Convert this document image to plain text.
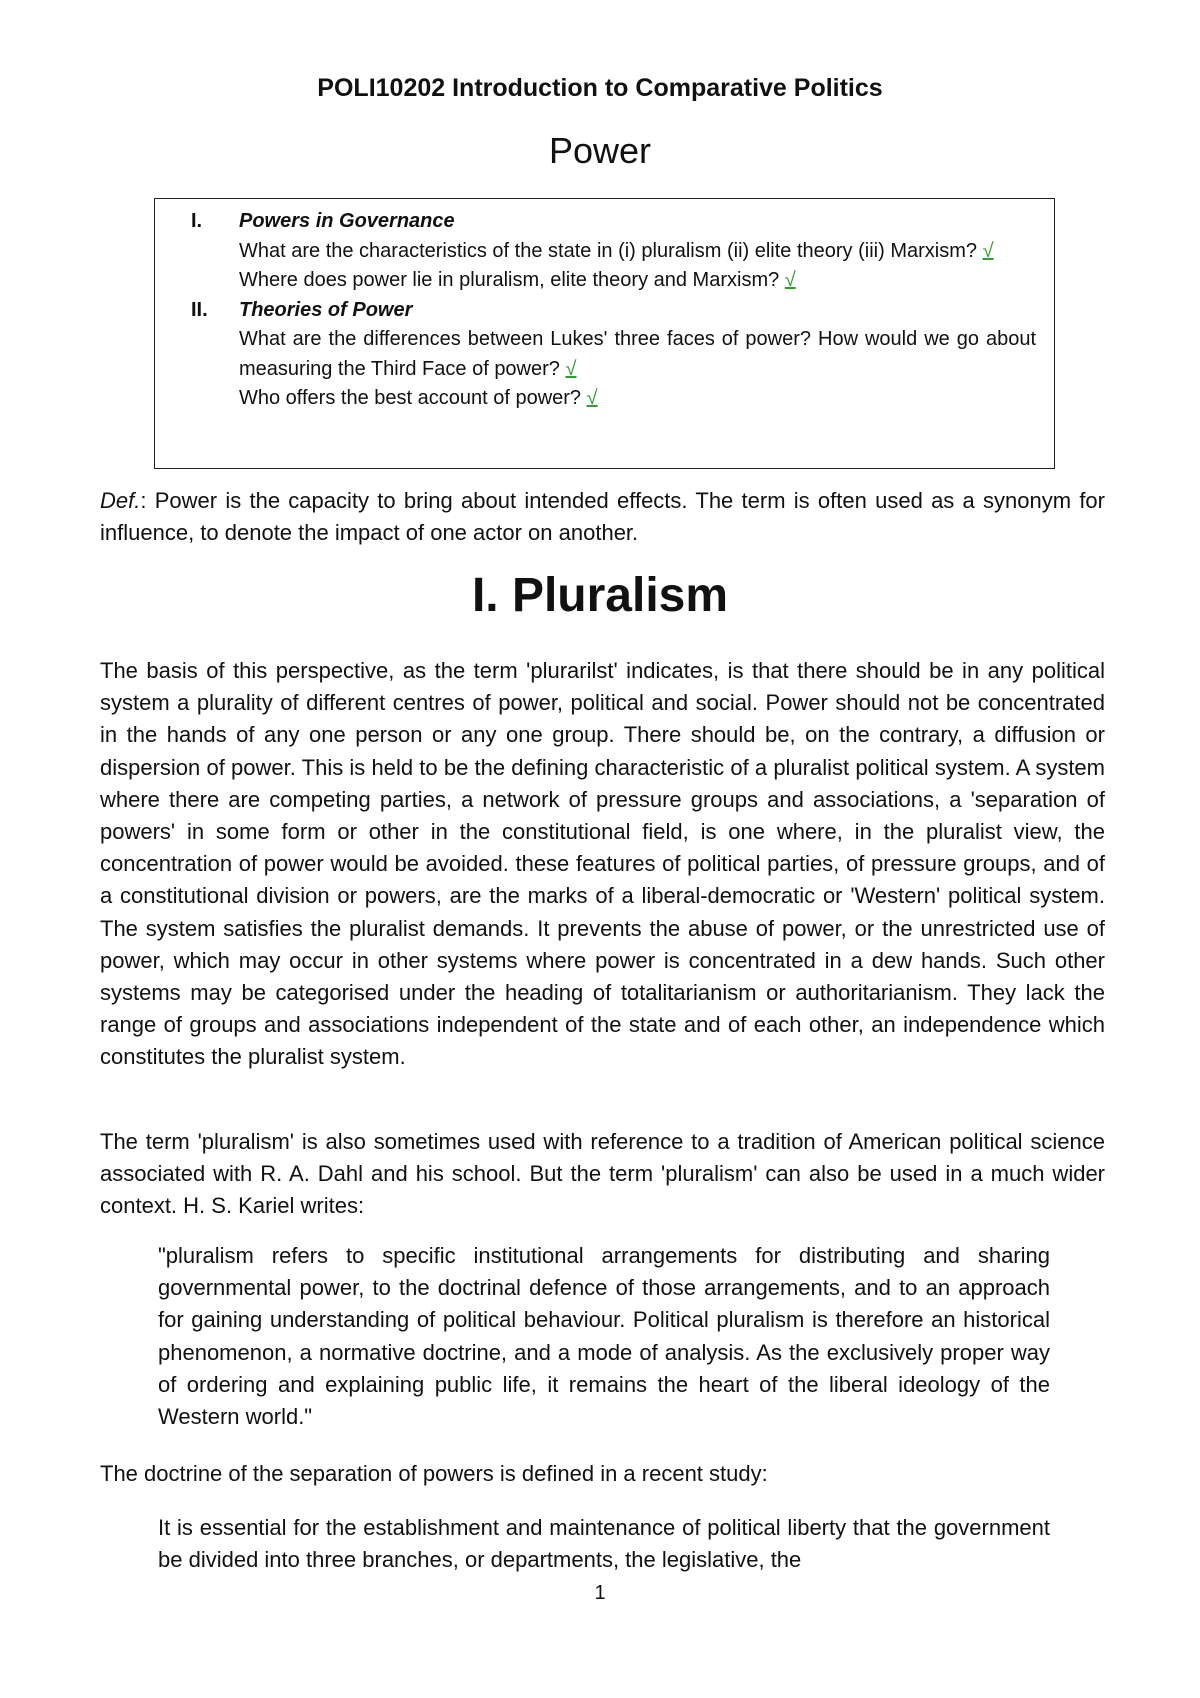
POLI10202 Introduction to Comparative Politics
Power
I.	Powers in Governance
What are the characteristics of the state in (i) pluralism (ii) elite theory (iii) Marxism? √
Where does power lie in pluralism, elite theory and Marxism? √
II.	Theories of Power
What are the differences between Lukes' three faces of power? How would we go about measuring the Third Face of power? √
Who offers the best account of power? √
Def.: Power is the capacity to bring about intended effects. The term is often used as a synonym for influence, to denote the impact of one actor on another.
I. Pluralism

The basis of this perspective, as the term 'plurarilst' indicates, is that there should be in any political system a plurality of different centres of power, political and social. Power should not be concentrated in the hands of any one person or any one group. There should be, on the contrary, a diffusion or dispersion of power. This is held to be the defining characteristic of a pluralist political system. A system where there are competing parties, a network of pressure groups and associations, a 'separation of powers' in some form or other in the constitutional field, is one where, in the pluralist view, the concentration of power would be avoided. these features of political parties, of pressure groups, and of a constitutional division or powers, are the marks of a liberal-democratic or 'Western' political system. The system satisfies the pluralist demands. It prevents the abuse of power, or the unrestricted use of power, which may occur in other systems where power is concentrated in a dew hands. Such other systems may be categorised under the heading of totalitarianism or authoritarianism. They lack the range of groups and associations independent of the state and of each other, an independence which constitutes the pluralist system.

The term 'pluralism' is also sometimes used with reference to a tradition of American political science associated with R. A. Dahl and his school. But the term 'pluralism' can also be used in a much wider context. H. S. Kariel writes:

"pluralism refers to specific institutional arrangements for distributing and sharing governmental power, to the doctrinal defence of those arrangements, and to an approach for gaining understanding of political behaviour. Political pluralism is therefore an historical phenomenon, a normative doctrine, and a mode of analysis. As the exclusively proper way of ordering and explaining public life, it remains the heart of the liberal ideology of the Western world."

The doctrine of the separation of powers is defined in a recent study:

It is essential for the establishment and maintenance of political liberty that the government be divided into three branches, or departments, the legislative, the

1
